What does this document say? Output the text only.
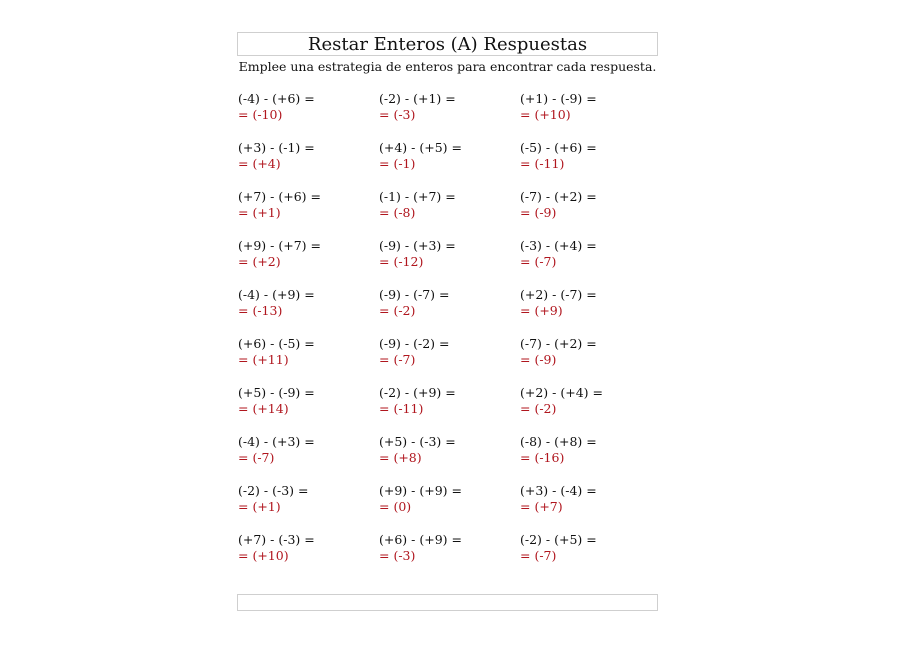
Restar Enteros (A) Respuestas
Emplee una estrategia de enteros para encontrar cada respuesta.
(-4) - (+6) =
= (-10)
(-2) - (+1) =
= (-3)
(+1) - (-9) =
= (+10)
(+3) - (-1) =
= (+4)
(+4) - (+5) =
= (-1)
(-5) - (+6) =
= (-11)
(+7) - (+6) =
= (+1)
(-1) - (+7) =
= (-8)
(-7) - (+2) =
= (-9)
(+9) - (+7) =
= (+2)
(-9) - (+3) =
= (-12)
(-3) - (+4) =
= (-7)
(-4) - (+9) =
= (-13)
(-9) - (-7) =
= (-2)
(+2) - (-7) =
= (+9)
(+6) - (-5) =
= (+11)
(-9) - (-2) =
= (-7)
(-7) - (+2) =
= (-9)
(+5) - (-9) =
= (+14)
(-2) - (+9) =
= (-11)
(+2) - (+4) =
= (-2)
(-4) - (+3) =
= (-7)
(+5) - (-3) =
= (+8)
(-8) - (+8) =
= (-16)
(-2) - (-3) =
= (+1)
(+9) - (+9) =
= (0)
(+3) - (-4) =
= (+7)
(+7) - (-3) =
= (+10)
(+6) - (+9) =
= (-3)
(-2) - (+5) =
= (-7)
